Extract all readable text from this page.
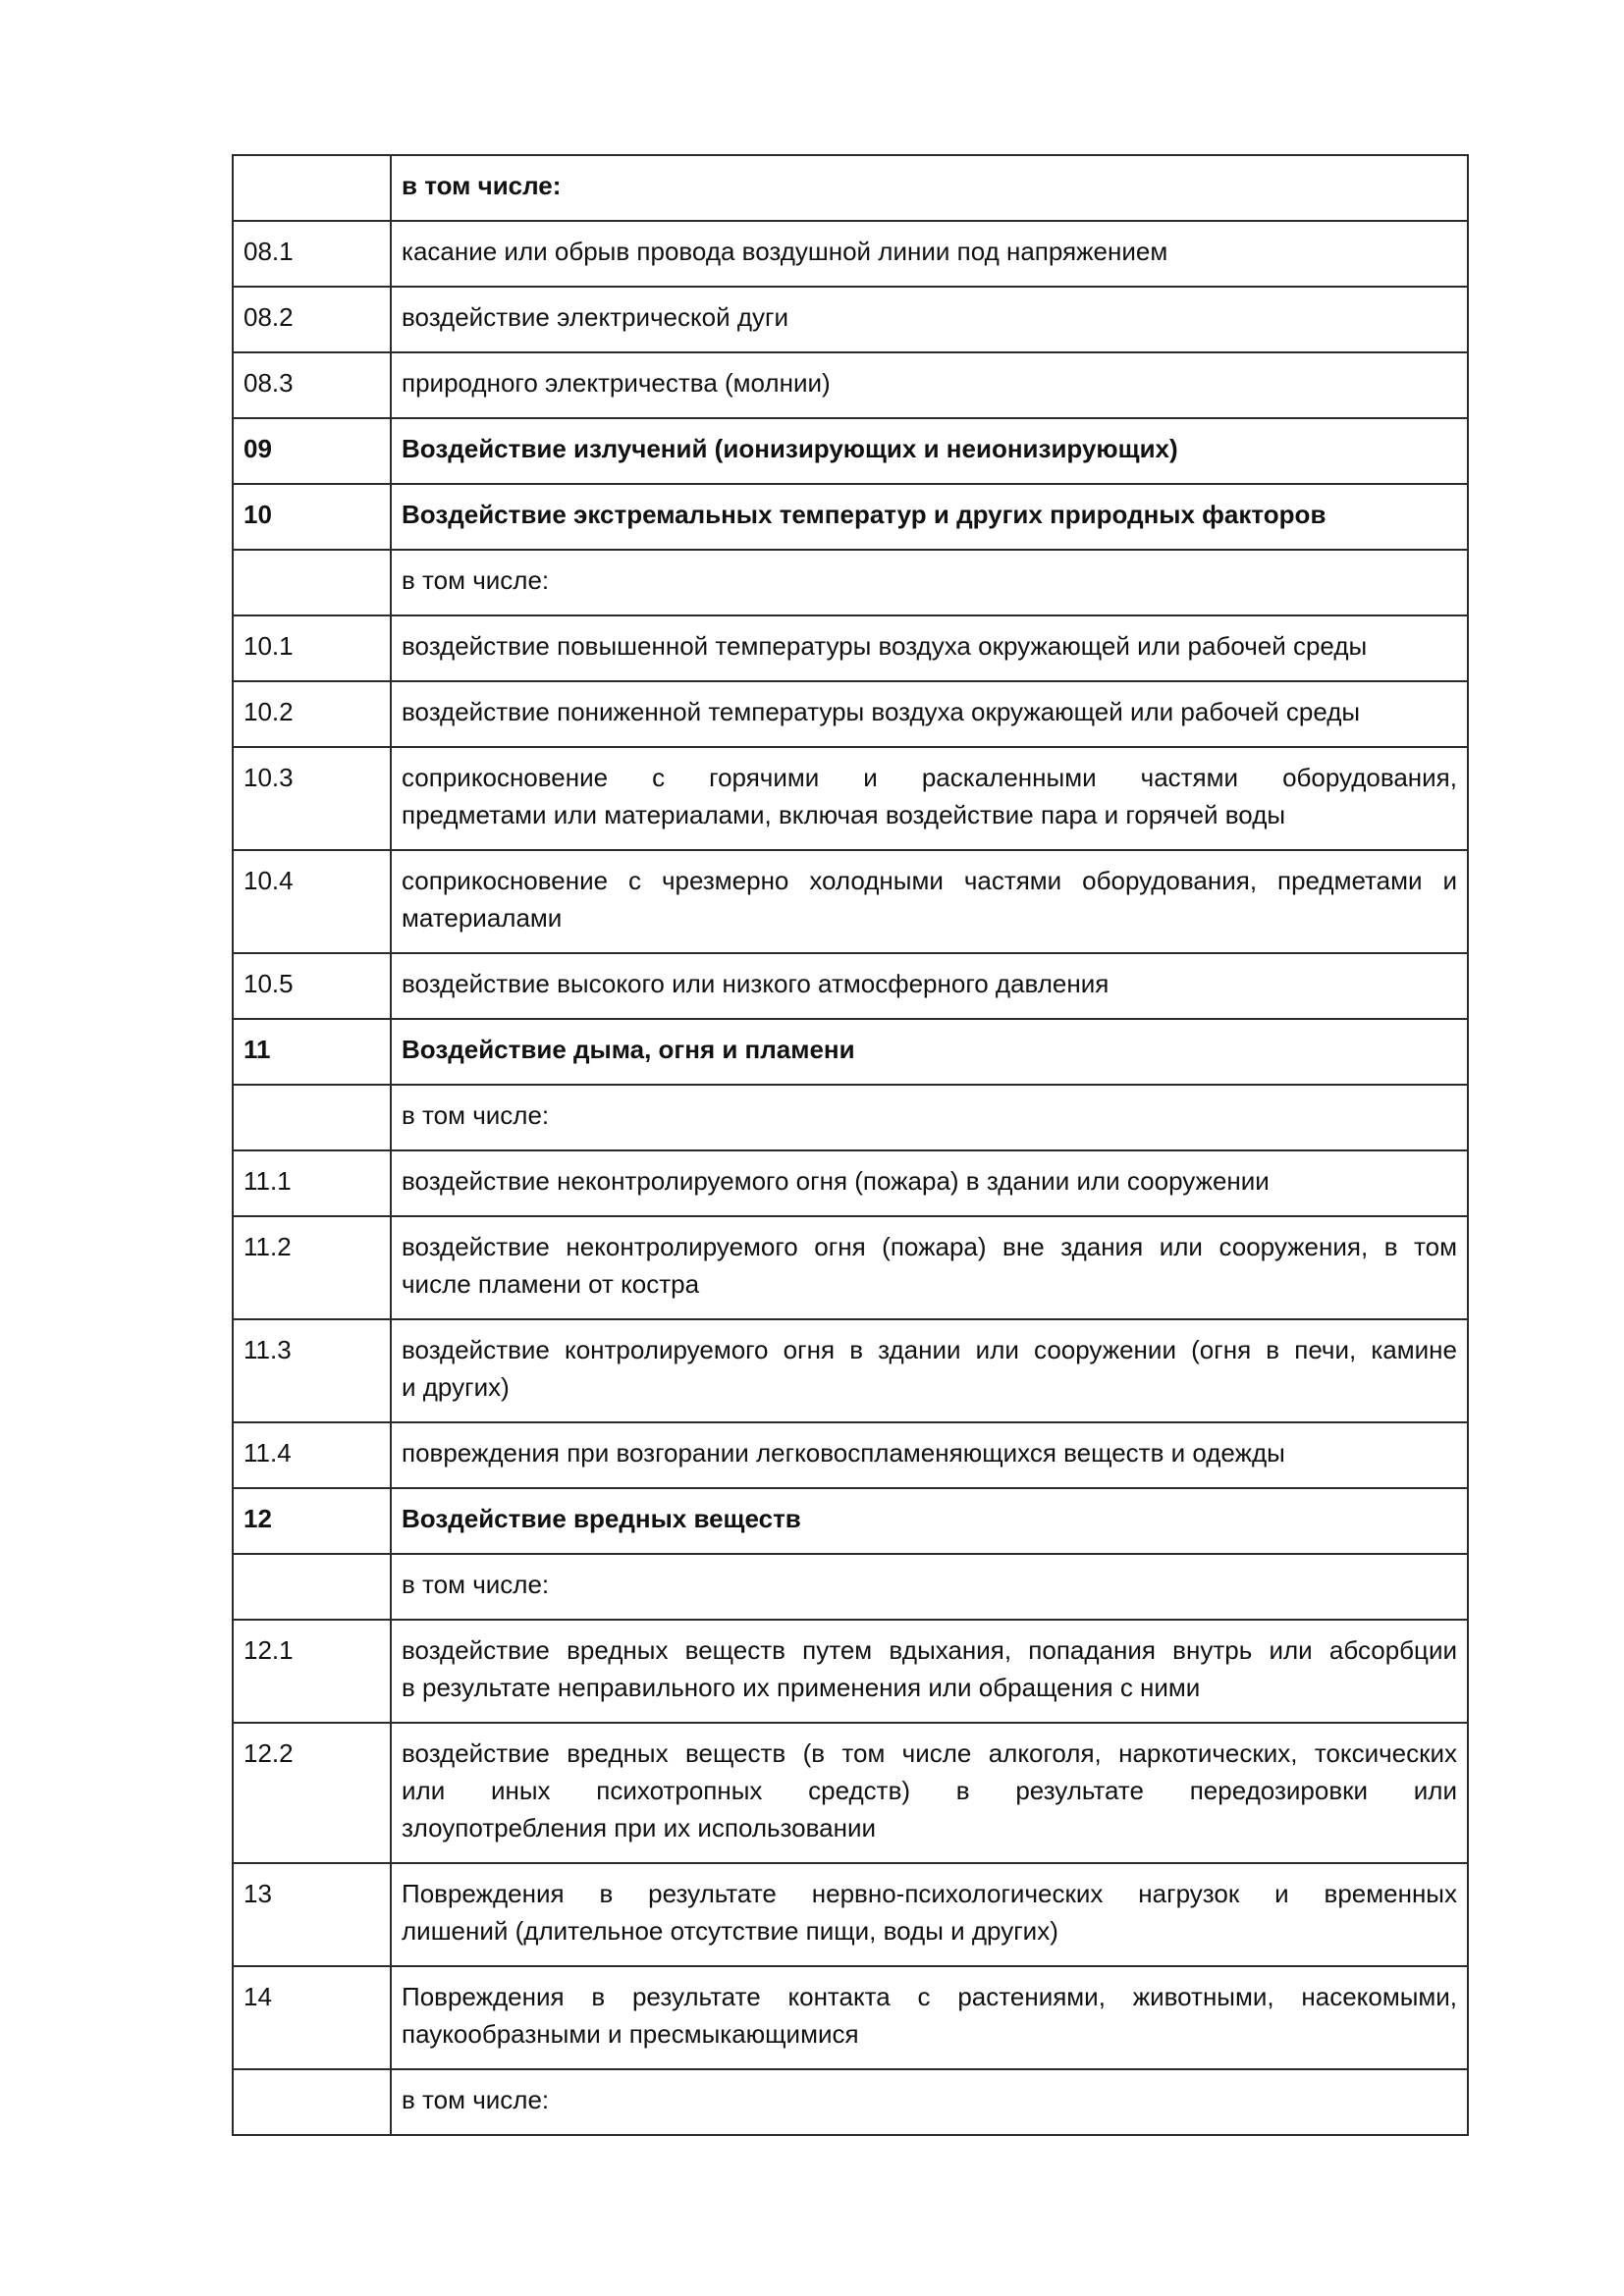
	в том числе:

08.1	касание или обрыв провода воздушной линии под напряжением

08.2	воздействие электрической дуги

08.3	природного электричества (молнии)

09	Воздействие излучений (ионизирующих и неионизирующих)

10	Воздействие экстремальных температур и других природных факторов

	в том числе:

10.1	воздействие повышенной температуры воздуха окружающей или рабочей среды

10.2	воздействие пониженной температуры воздуха окружающей или рабочей среды

10.3	соприкосновение с горячими и раскаленными частями оборудования,
предметами или материалами, включая воздействие пара и горячей воды

10.4	соприкосновение с чрезмерно холодными частями оборудования, предметами и
материалами

10.5	воздействие высокого или низкого атмосферного давления

11	Воздействие дыма, огня и пламени

	в том числе:

11.1	воздействие неконтролируемого огня (пожара) в здании или сооружении

11.2	воздействие неконтролируемого огня (пожара) вне здания или сооружения, в том
числе пламени от костра

11.3	воздействие контролируемого огня в здании или сооружении (огня в печи, камине
и других)

11.4	повреждения при возгорании легковоспламеняющихся веществ и одежды

12	Воздействие вредных веществ

	в том числе:

12.1	воздействие вредных веществ путем вдыхания, попадания внутрь или абсорбции
в результате неправильного их применения или обращения с ними

12.2	воздействие вредных веществ (в том числе алкоголя, наркотических, токсических
или иных психотропных средств) в результате передозировки или
злоупотребления при их использовании

13	Повреждения в результате нервно-психологических нагрузок и временных
лишений (длительное отсутствие пищи, воды и других)

14	Повреждения в результате контакта с растениями, животными, насекомыми,
паукообразными и пресмыкающимися

	в том числе:
